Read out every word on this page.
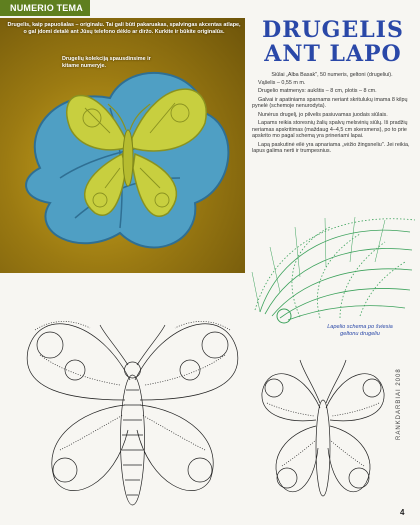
NUMERIO TEMA
Drugelis, kaip papuošalas – originalu. Tai gali būti pakaruakas, spalvingas akcentas atlape, o gal įdomi detalė ant Jūsų telefono dėklo ar diržo. Kurkite ir būkite originalūs.
Drugelių kolekciją spausdinsime ir kitame numeryje.
DRUGELIS
ANT LAPO

Siūlai „Alba Basak", 50 numeris, geltoni (drugeliui).

Vąšelis – 0,55 m m.

Drugelio matmenys: aukštis – 8 cm, plotis – 8 cm.

Galvai ir apatiniams sparnams neriant skritulukų imama 8 kilpų pynelė (schemoje nenurodyta).

Nunėrus drugelį, jo pilvelis pasiuvamas juodais siūlais.

Lapams reikia storesnių žalių spalvų melsvinių siūlų. Iš pradžių neriamas apskritimas (maždaug 4–4,5 cm skersmens), po to prie apskrito mo pagal schemą yra prineriami lapai.

Lapą paskutinė eilė yra apnariama „vėžio žingsneliu". Jei reikia, lapus galima nerti ir trumpesnius.

Lapelio schema po šviesia geltonu drugeliu
RANKDARBIAI 2008
4
